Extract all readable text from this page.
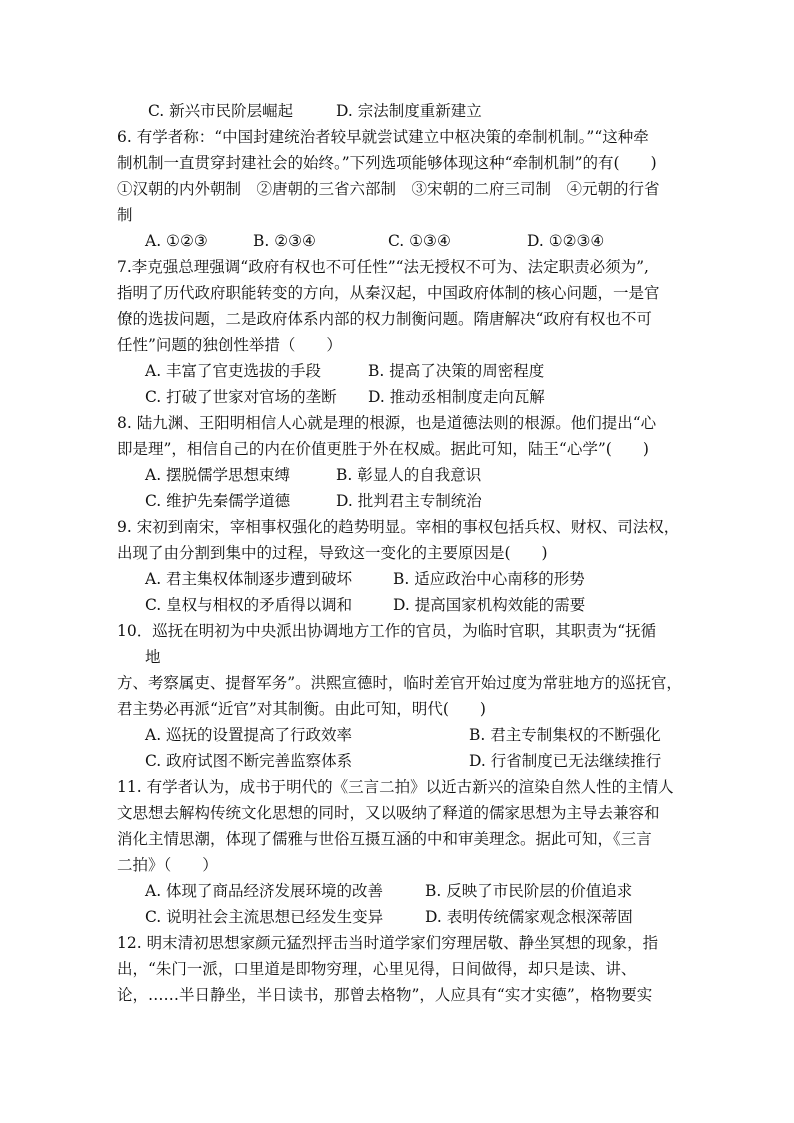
C. 新兴市民阶层崛起	D. 宗法制度重新建立
6. 有学者称：“中国封建统治者较早就尝试建立中枢决策的牵制机制。”“这种牵
制机制一直贯穿封建社会的始终。”下列选项能够体现这种“牵制机制”的有(　　)
①汉朝的内外朝制　②唐朝的三省六部制　③宋朝的二府三司制　④元朝的行省
制
A. ①②③	B. ②③④	C. ①③④	D. ①②③④
7.李克强总理强调“政府有权也不可任性”“法无授权不可为、法定职责必须为”,
指明了历代政府职能转变的方向，从秦汉起，中国政府体制的核心问题，一是官
僚的选拔问题，二是政府体系内部的权力制衡问题。隋唐解决“政府有权也不可
任性”问题的独创性举措（　　）
A. 丰富了官吏选拔的手段	B. 提高了决策的周密程度
C. 打破了世家对官场的垄断 D. 推动丞相制度走向瓦解
8. 陆九渊、王阳明相信人心就是理的根源，也是道德法则的根源。他们提出“心
即是理”，相信自己的内在价值更胜于外在权威。据此可知，陆王“心学”(　　)
A. 摆脱儒学思想束缚	B. 彰显人的自我意识
C. 维护先秦儒学道德	D. 批判君主专制统治
9. 宋初到南宋，宰相事权强化的趋势明显。宰相的事权包括兵权、财权、司法权，
出现了由分割到集中的过程，导致这一变化的主要原因是(　　)
A. 君主集权体制逐步遭到破坏	B. 适应政治中心南移的形势
C. 皇权与相权的矛盾得以调和	D. 提高国家机构效能的需要
10．巡抚在明初为中央派出协调地方工作的官员，为临时官职，其职责为“抚循
地
方、考察属吏、提督军务”。洪熙宣德时，临时差官开始过度为常驻地方的巡抚官，
君主势必再派“近官”对其制衡。由此可知，明代(　　)
A. 巡抚的设置提高了行政效率	B. 君主专制集权的不断强化
C. 政府试图不断完善监察体系	D. 行省制度已无法继续推行
11. 有学者认为，成书于明代的《三言二拍》以近古新兴的渲染自然人性的主情人
文思想去解构传统文化思想的同时，又以吸纳了释道的儒家思想为主导去兼容和
消化主情思潮，体现了儒雅与世俗互摄互涵的中和审美理念。据此可知，《三言
二拍》（　　）
A. 体现了商品经济发展环境的改善	B. 反映了市民阶层的价值追求
C. 说明社会主流思想已经发生变异	D. 表明传统儒家观念根深蒂固
12. 明末清初思想家颜元猛烈抨击当时道学家们穷理居敬、静坐冥想的现象，指
出，“朱门一派，口里道是即物穷理，心里见得，日间做得，却只是读、讲、
论，……半日静坐，半日读书，那曾去格物”，人应具有“实才实德”，格物要实
